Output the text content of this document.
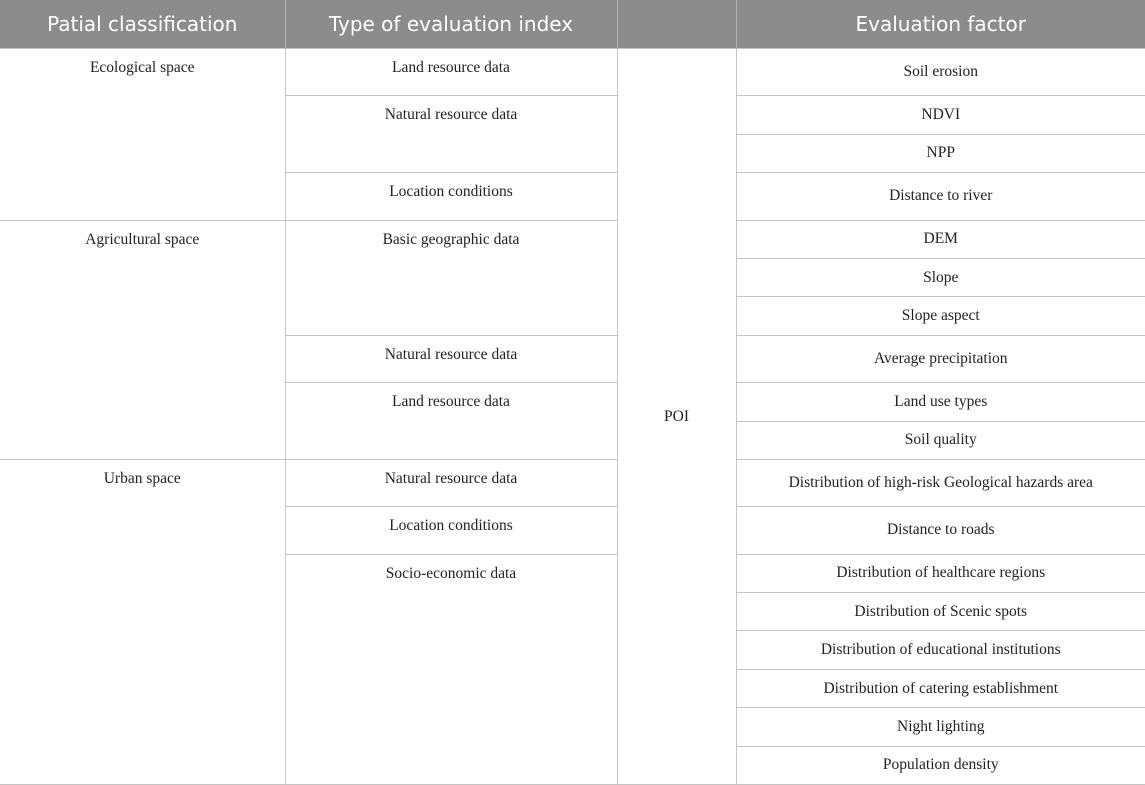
Patial classification	Type of evaluation index		Evaluation factor
Ecological space	Land resource data	POI	Soil erosion
	Natural resource data		NDVI
			NPP
	Location conditions		Distance to river
Agricultural space	Basic geographic data		DEM
			Slope
			Slope aspect
	Natural resource data		Average precipitation
	Land resource data		Land use types
			Soil quality
Urban space	Natural resource data		Distribution of high-risk Geological hazards area
	Location conditions		Distance to roads
	Socio-economic data		Distribution of healthcare regions
			Distribution of Scenic spots
			Distribution of educational institutions
			Distribution of catering establishment
			Night lighting
			Population density
